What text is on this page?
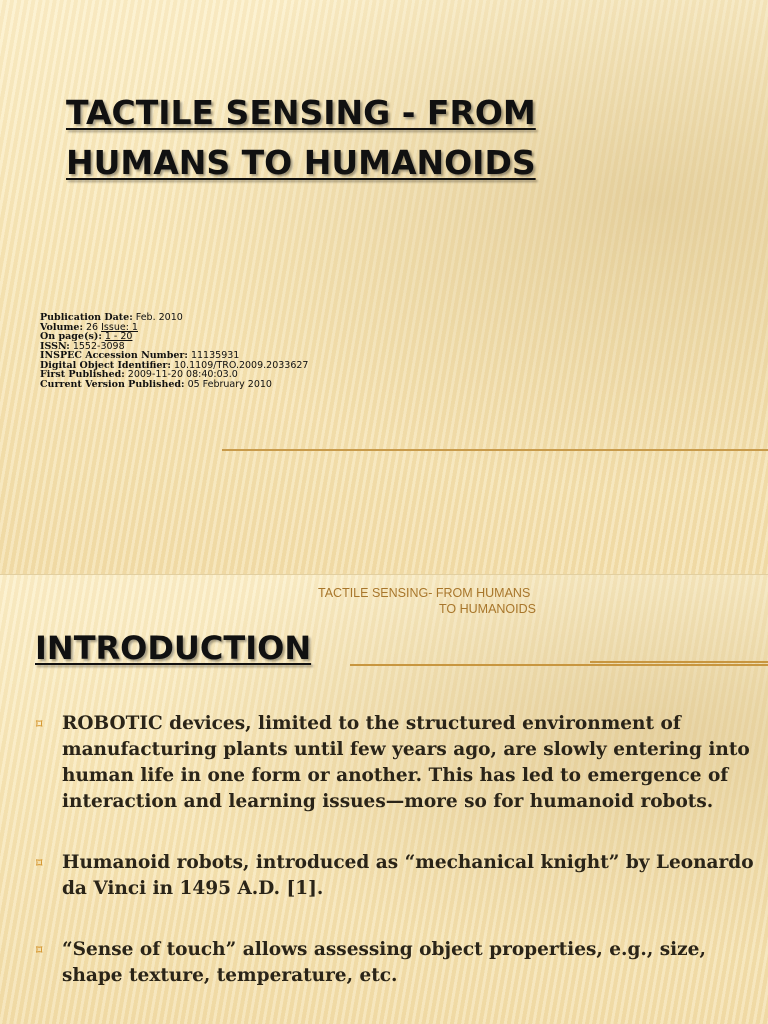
TACTILE SENSING - FROM
HUMANS TO HUMANOIDS
Publication Date: Feb. 2010
Volume: 26 Issue: 1
On page(s): 1 - 20
ISSN: 1552-3098
INSPEC Accession Number: 11135931
Digital Object Identifier: 10.1109/TRO.2009.2033627
First Published: 2009-11-20 08:40:03.0
Current Version Published: 05 February 2010
TACTILE SENSING- FROM HUMANS
TO HUMANOIDS
INTRODUCTION
⌑ ROBOTIC devices, limited to the structured environment of manufacturing plants until few years ago, are slowly entering into human life in one form or another. This has led to emergence of interaction and learning issues—more so for humanoid robots.
⌑ Humanoid robots, introduced as “mechanical knight” by Leonardo da Vinci in 1495 A.D. [1].
⌑ “Sense of touch” allows assessing object properties, e.g., size, shape texture, temperature, etc.
